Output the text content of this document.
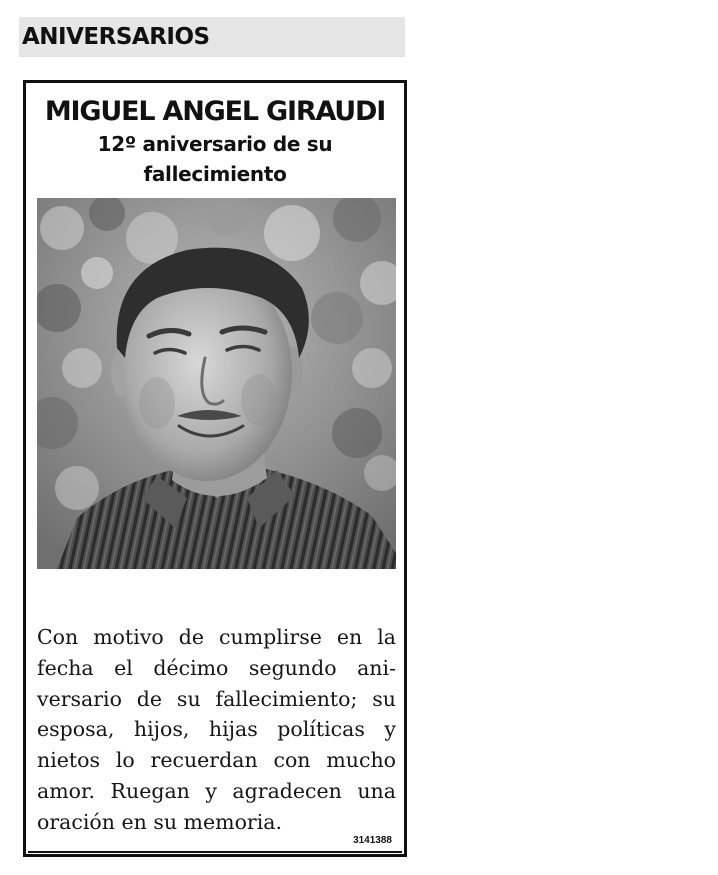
ANIVERSARIOS
MIGUEL ANGEL GIRAUDI
12º aniversario de su
fallecimiento
Con motivo de cumplirse en la fecha el décimo segundo aniversario de su fallecimiento; su esposa, hijos, hijas políticas y nietos lo recuerdan con mucho amor. Ruegan y agradecen una oración en su memoria.
3141388
